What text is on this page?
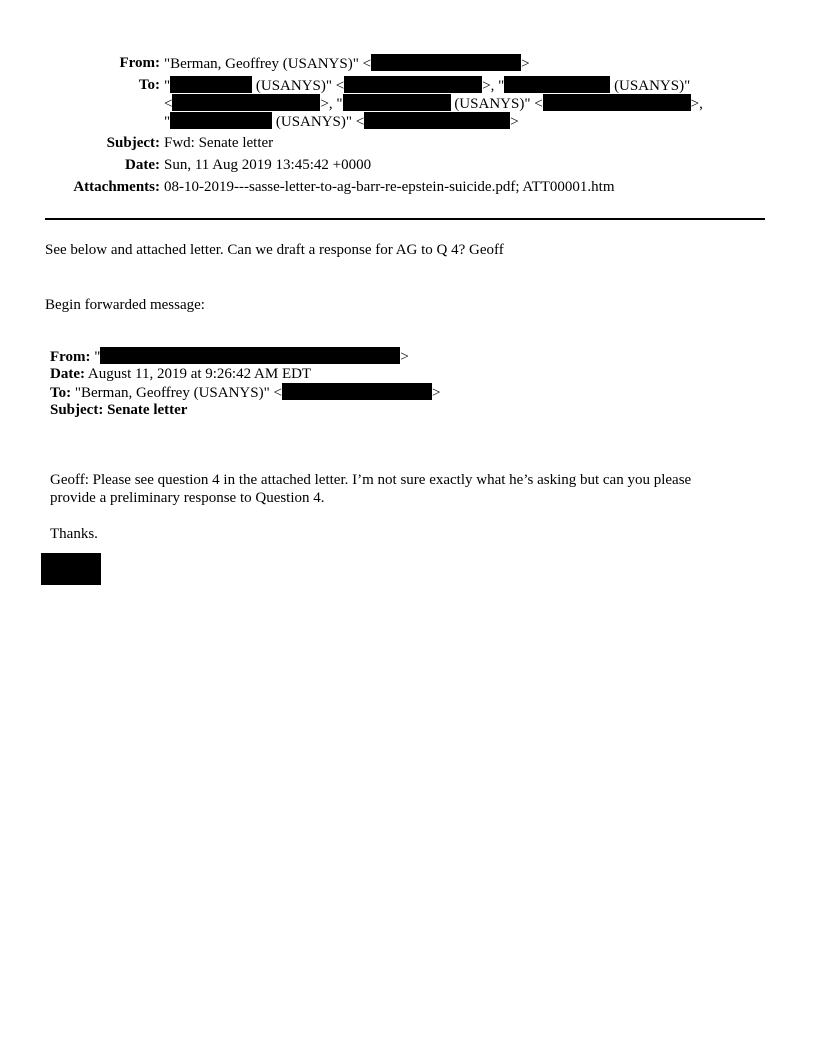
From: "Berman, Geoffrey (USANYS)" <	>
To: "	(USANYS)" <	>, "	(USANYS)"
<	>, "	(USANYS)" <	>,
"	(USANYS)" <	>
Subject: Fwd: Senate letter
Date: Sun, 11 Aug 2019 13:45:42 +0000
Attachments: 08-10-2019---sasse-letter-to-ag-barr-re-epstein-suicide.pdf; ATT00001.htm
See below and attached letter. Can we draft a response for AG to Q 4? Geoff
Begin forwarded message:
From: "	>
Date: August 11, 2019 at 9:26:42 AM EDT
To: "Berman, Geoffrey (USANYS)" <	>
Subject: Senate letter
Geoff: Please see question 4 in the attached letter. I’m not sure exactly what he’s asking but can you please
provide a preliminary response to Question 4.
Thanks.
